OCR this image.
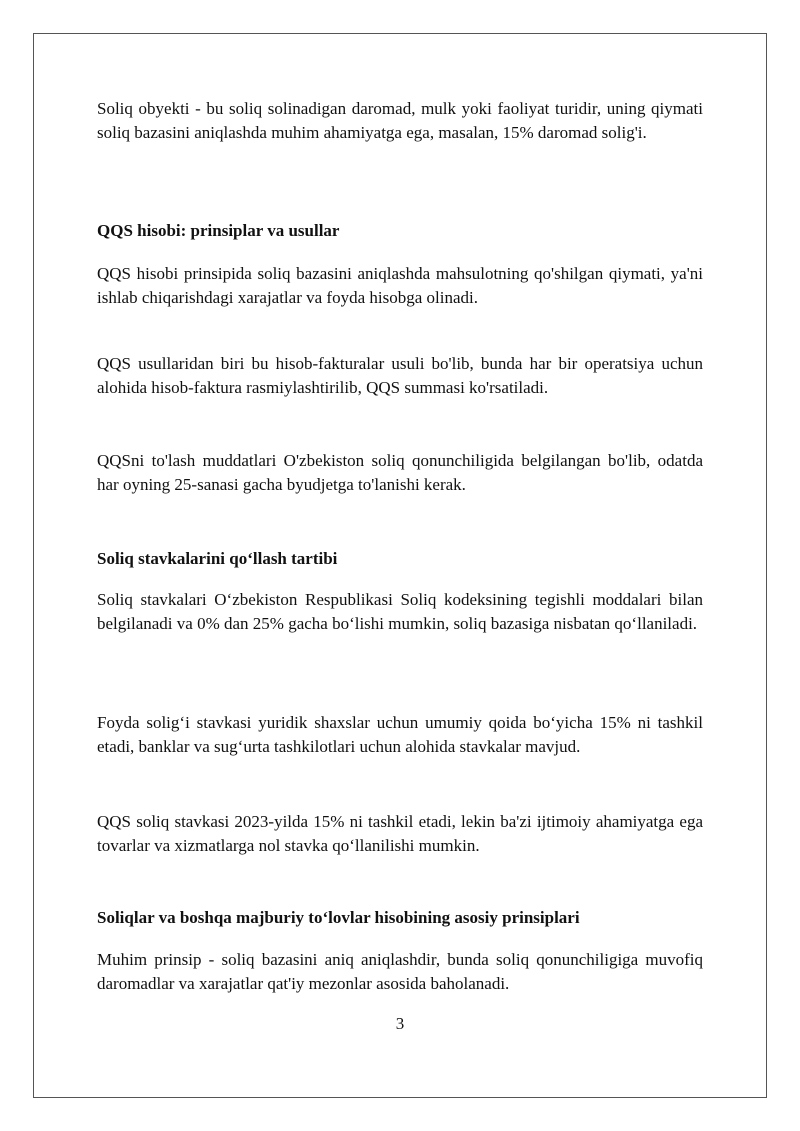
Soliq obyekti - bu soliq solinadigan daromad, mulk yoki faoliyat turidir, uning qiymati soliq bazasini aniqlashda muhim ahamiyatga ega, masalan, 15% daromad solig'i.

QQS hisobi: prinsiplar va usullar

QQS hisobi prinsipida soliq bazasini aniqlashda mahsulotning qo'shilgan qiymati, ya'ni ishlab chiqarishdagi xarajatlar va foyda hisobga olinadi.

QQS usullaridan biri bu hisob-fakturalar usuli bo'lib, bunda har bir operatsiya uchun alohida hisob-faktura rasmiylashtirilib, QQS summasi ko'rsatiladi.

QQSni to'lash muddatlari O'zbekiston soliq qonunchiligida belgilangan bo'lib, odatda har oyning 25-sanasi gacha byudjetga to'lanishi kerak.

Soliq stavkalarini qo‘llash tartibi

Soliq stavkalari O‘zbekiston Respublikasi Soliq kodeksining tegishli moddalari bilan belgilanadi va 0% dan 25% gacha bo‘lishi mumkin, soliq bazasiga nisbatan qo‘llaniladi.

Foyda solig‘i stavkasi yuridik shaxslar uchun umumiy qoida bo‘yicha 15% ni tashkil etadi, banklar va sug‘urta tashkilotlari uchun alohida stavkalar mavjud.

QQS soliq stavkasi 2023-yilda 15% ni tashkil etadi, lekin ba'zi ijtimoiy ahamiyatga ega tovarlar va xizmatlarga nol stavka qo‘llanilishi mumkin.

Soliqlar va boshqa majburiy to‘lovlar hisobining asosiy prinsiplari

Muhim prinsip - soliq bazasini aniq aniqlashdir, bunda soliq qonunchiligiga muvofiq daromadlar va xarajatlar qat'iy mezonlar asosida baholanadi.

3
